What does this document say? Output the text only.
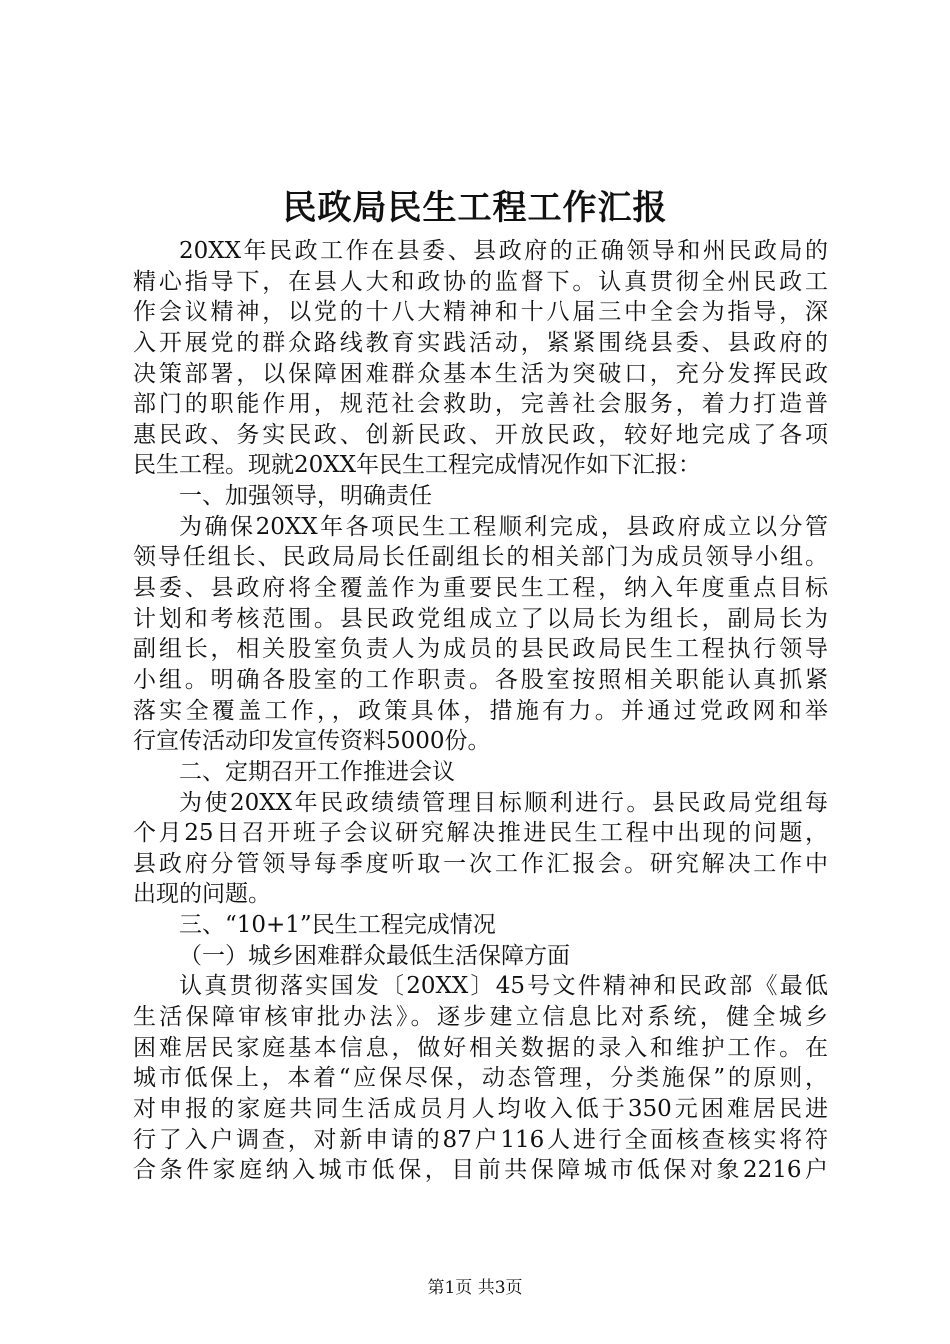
民政局民生工程工作汇报
20XX年民政工作在县委、县政府的正确领导和州民政局的
精心指导下，在县人大和政协的监督下。认真贯彻全州民政工
作会议精神，以党的十八大精神和十八届三中全会为指导，深
入开展党的群众路线教育实践活动，紧紧围绕县委、县政府的
决策部署，以保障困难群众基本生活为突破口，充分发挥民政
部门的职能作用，规范社会救助，完善社会服务，着力打造普
惠民政、务实民政、创新民政、开放民政，较好地完成了各项
民生工程。现就20XX年民生工程完成情况作如下汇报：
一、加强领导，明确责任
为确保20XX年各项民生工程顺利完成，县政府成立以分管
领导任组长、民政局局长任副组长的相关部门为成员领导小组。
县委、县政府将全覆盖作为重要民生工程，纳入年度重点目标
计划和考核范围。县民政党组成立了以局长为组长，副局长为
副组长，相关股室负责人为成员的县民政局民生工程执行领导
小组。明确各股室的工作职责。各股室按照相关职能认真抓紧
落实全覆盖工作，，政策具体，措施有力。并通过党政网和举
行宣传活动印发宣传资料5000份。
二、定期召开工作推进会议
为使20XX年民政绩绩管理目标顺利进行。县民政局党组每
个月25日召开班子会议研究解决推进民生工程中出现的问题，
县政府分管领导每季度听取一次工作汇报会。研究解决工作中
出现的问题。
三、“10+1”民生工程完成情况
（一）城乡困难群众最低生活保障方面
认真贯彻落实国发〔20XX〕45号文件精神和民政部《最低
生活保障审核审批办法》。逐步建立信息比对系统，健全城乡
困难居民家庭基本信息，做好相关数据的录入和维护工作。在
城市低保上，本着“应保尽保，动态管理，分类施保”的原则，
对申报的家庭共同生活成员月人均收入低于350元困难居民进
行了入户调查，对新申请的87户116人进行全面核查核实将符
合条件家庭纳入城市低保，目前共保障城市低保对象2216户
第1页 共3页
